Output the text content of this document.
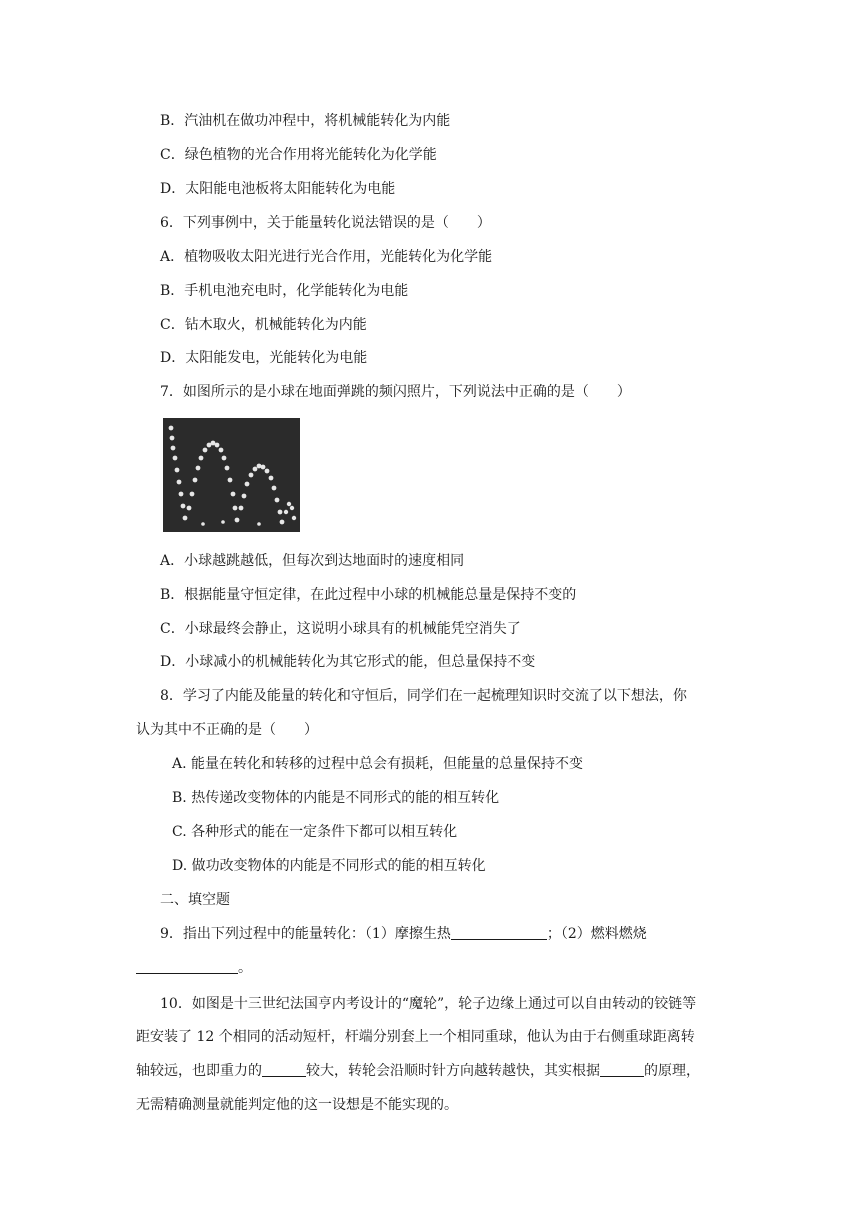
B．汽油机在做功冲程中，将机械能转化为内能
C．绿色植物的光合作用将光能转化为化学能
D．太阳能电池板将太阳能转化为电能
6．下列事例中，关于能量转化说法错误的是（　　）
A．植物吸收太阳光进行光合作用，光能转化为化学能
B．手机电池充电时，化学能转化为电能
C．钻木取火，机械能转化为内能
D．太阳能发电，光能转化为电能
7．如图所示的是小球在地面弹跳的频闪照片，下列说法中正确的是（　　）
A．小球越跳越低，但每次到达地面时的速度相同
B．根据能量守恒定律，在此过程中小球的机械能总量是保持不变的
C．小球最终会静止，这说明小球具有的机械能凭空消失了
D．小球减小的机械能转化为其它形式的能，但总量保持不变
8．学习了内能及能量的转化和守恒后，同学们在一起梳理知识时交流了以下想法，你
认为其中不正确的是（　　）
A. 能量在转化和转移的过程中总会有损耗，但能量的总量保持不变
B. 热传递改变物体的内能是不同形式的能的相互转化
C. 各种形式的能在一定条件下都可以相互转化
D. 做功改变物体的内能是不同形式的能的相互转化
二、填空题
9．指出下列过程中的能量转化：（1）摩擦生热	；（2）燃料燃烧
。
10．如图是十三世纪法国亨内考设计的“魔轮”，轮子边缘上通过可以自由转动的铰链等
距安装了 12 个相同的活动短杆，杆端分别套上一个相同重球，他认为由于右侧重球距离转
轴较远，也即重力的	较大，转轮会沿顺时针方向越转越快，其实根据	的原理，
无需精确测量就能判定他的这一设想是不能实现的。
